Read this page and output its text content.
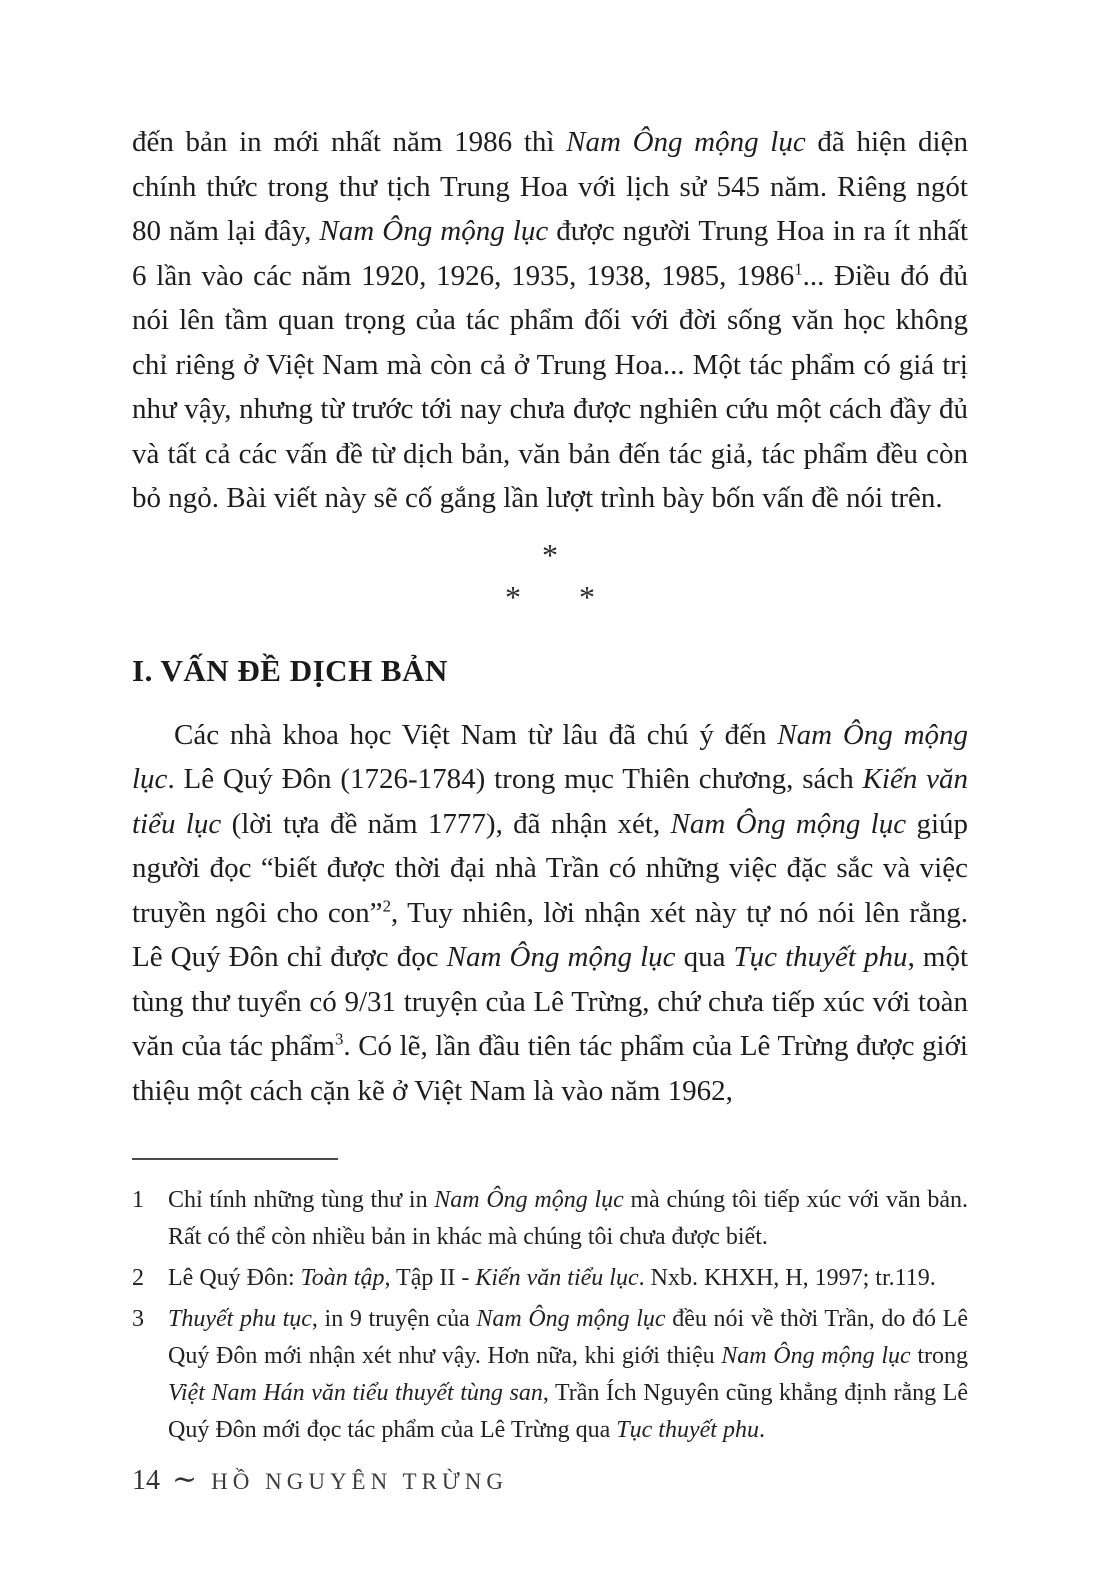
đến bản in mới nhất năm 1986 thì Nam Ông mộng lục đã hiện diện chính thức trong thư tịch Trung Hoa với lịch sử 545 năm. Riêng ngót 80 năm lại đây, Nam Ông mộng lục được người Trung Hoa in ra ít nhất 6 lần vào các năm 1920, 1926, 1935, 1938, 1985, 1986$^1$... Điều đó đủ nói lên tầm quan trọng của tác phẩm đối với đời sống văn học không chỉ riêng ở Việt Nam mà còn cả ở Trung Hoa... Một tác phẩm có giá trị như vậy, nhưng từ trước tới nay chưa được nghiên cứu một cách đầy đủ và tất cả các vấn đề từ dịch bản, văn bản đến tác giả, tác phẩm đều còn bỏ ngỏ. Bài viết này sẽ cố gắng lần lượt trình bày bốn vấn đề nói trên.

*
* *
I. VẤN ĐỀ DỊCH BẢN

Các nhà khoa học Việt Nam từ lâu đã chú ý đến Nam Ông mộng lục. Lê Quý Đôn (1726-1784) trong mục Thiên chương, sách Kiến văn tiểu lục (lời tựa đề năm 1777), đã nhận xét, Nam Ông mộng lục giúp người đọc “biết được thời đại nhà Trần có những việc đặc sắc và việc truyền ngôi cho con”$^2$, Tuy nhiên, lời nhận xét này tự nó nói lên rằng. Lê Quý Đôn chỉ được đọc Nam Ông mộng lục qua Tục thuyết phu, một tùng thư tuyển có 9/31 truyện của Lê Trừng, chứ chưa tiếp xúc với toàn văn của tác phẩm$^3$. Có lẽ, lần đầu tiên tác phẩm của Lê Trừng được giới thiệu một cách cặn kẽ ở Việt Nam là vào năm 1962,

1	Chỉ tính những tùng thư in Nam Ông mộng lục mà chúng tôi tiếp xúc với văn bản. Rất có thể còn nhiều bản in khác mà chúng tôi chưa được biết.
2	Lê Quý Đôn: Toàn tập, Tập II - Kiến văn tiểu lục. Nxb. KHXH, H, 1997; tr.119.
3	Thuyết phu tục, in 9 truyện của Nam Ông mộng lục đều nói về thời Trần, do đó Lê Quý Đôn mới nhận xét như vậy. Hơn nữa, khi giới thiệu Nam Ông mộng lục trong Việt Nam Hán văn tiểu thuyết tùng san, Trần Ích Nguyên cũng khẳng định rằng Lê Quý Đôn mới đọc tác phẩm của Lê Trừng qua Tục thuyết phu.
14 ∼ HỒ NGUYÊN TRỪNG
